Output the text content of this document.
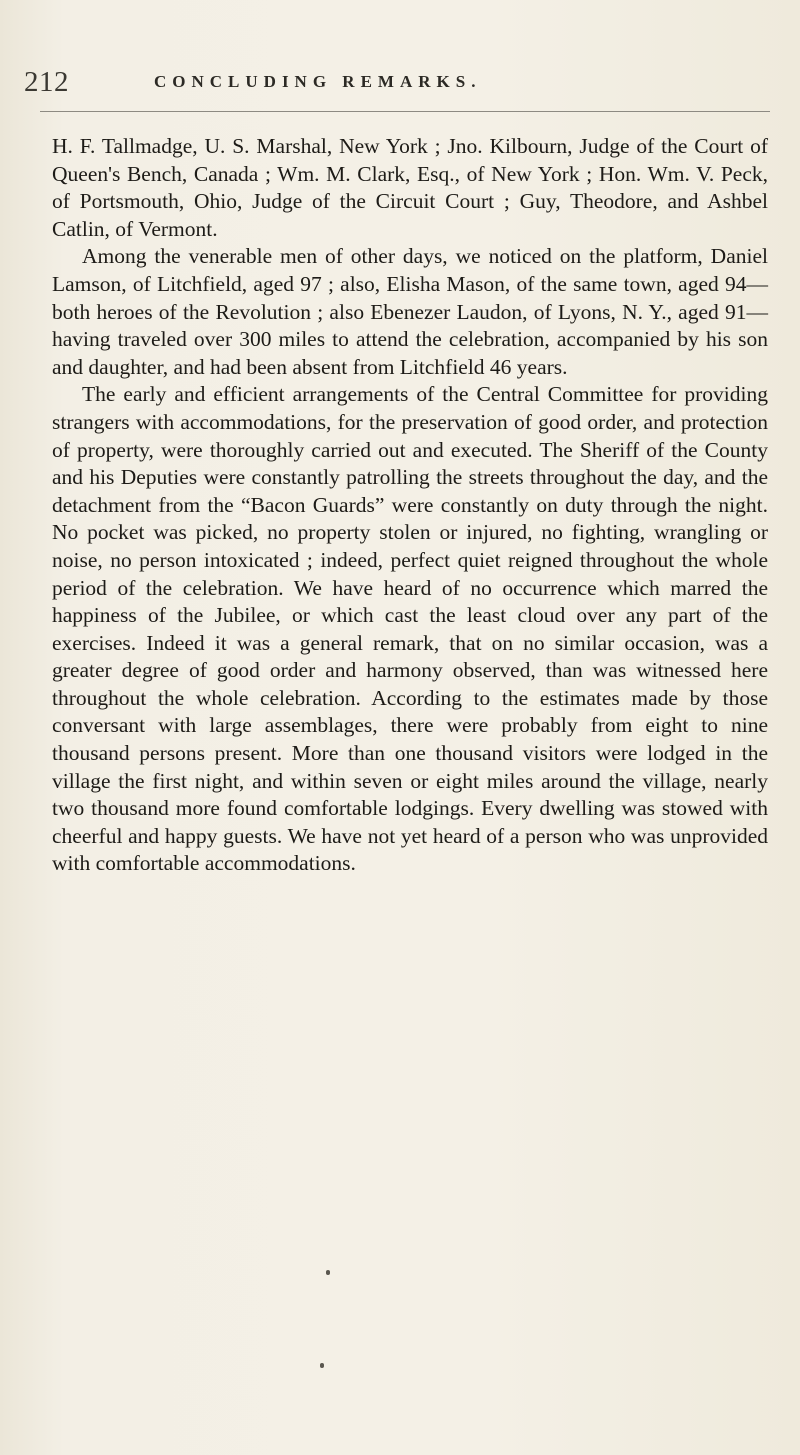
212	CONCLUDING REMARKS.

H. F. Tallmadge, U. S. Marshal, New York ; Jno. Kilbourn, Judge of the Court of Queen's Bench, Canada ; Wm. M. Clark, Esq., of New York ; Hon. Wm. V. Peck, of Portsmouth, Ohio, Judge of the Circuit Court ; Guy, Theodore, and Ashbel Catlin, of Vermont.

Among the venerable men of other days, we noticed on the platform, Daniel Lamson, of Litchfield, aged 97 ; also, Elisha Mason, of the same town, aged 94—both heroes of the Revolution ; also Ebenezer Laudon, of Lyons, N. Y., aged 91—having traveled over 300 miles to attend the celebration, accompanied by his son and daughter, and had been absent from Litchfield 46 years.

The early and efficient arrangements of the Central Committee for providing strangers with accommodations, for the preservation of good order, and protection of property, were thoroughly carried out and executed. The Sheriff of the County and his Deputies were constantly patrolling the streets throughout the day, and the detachment from the “Bacon Guards” were constantly on duty through the night. No pocket was picked, no property stolen or injured, no fighting, wrangling or noise, no person intoxicated ; indeed, perfect quiet reigned throughout the whole period of the celebration. We have heard of no occurrence which marred the happiness of the Jubilee, or which cast the least cloud over any part of the exercises. Indeed it was a general remark, that on no similar occasion, was a greater degree of good order and harmony observed, than was witnessed here throughout the whole celebration. According to the estimates made by those conversant with large assemblages, there were probably from eight to nine thousand persons present. More than one thousand visitors were lodged in the village the first night, and within seven or eight miles around the village, nearly two thousand more found comfortable lodgings. Every dwelling was stowed with cheerful and happy guests. We have not yet heard of a person who was unprovided with comfortable accommodations.
